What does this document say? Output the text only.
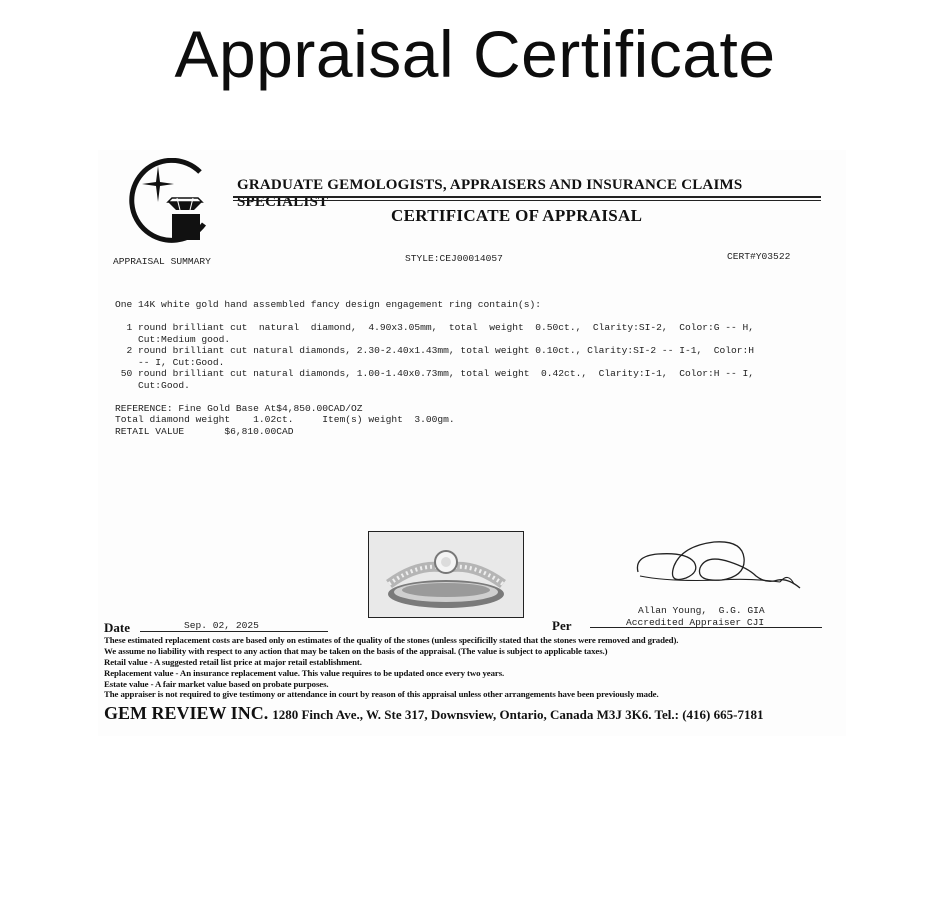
Appraisal Certificate
GRADUATE GEMOLOGISTS, APPRAISERS AND INSURANCE CLAIMS SPECIALIST
CERTIFICATE OF APPRAISAL
APPRAISAL SUMMARY	STYLE:CEJ00014057	CERT#Y03522
One 14K white gold hand assembled fancy design engagement ring contain(s):
1 round brilliant cut  natural  diamond,  4.90x3.05mm,  total  weight  0.50ct.,  Clarity:SI-2,  Color:G -- H,
Cut:Medium good.
2 round brilliant cut natural diamonds, 2.30-2.40x1.43mm, total weight 0.10ct., Clarity:SI-2 -- I-1,  Color:H
-- I, Cut:Good.
50 round brilliant cut natural diamonds, 1.00-1.40x0.73mm, total weight  0.42ct.,  Clarity:I-1,  Color:H -- I,
Cut:Good.
REFERENCE: Fine Gold Base At$4,850.00CAD/OZ
Total diamond weight    1.02ct.     Item(s) weight  3.00gm.
RETAIL VALUE       $6,810.00CAD
Date	Sep. 02, 2025	Per
Allan Young,  G.G. GIA
Accredited Appraiser CJI
These estimated replacement costs are based only on estimates of the quality of the stones (unless specificilly stated that the stones were removed and graded).
We assume no liability with respect to any action that may be taken on the basis of the appraisal. (The value is subject to applicable taxes.)
Retail value - A suggested retail list price at major retail establishment.
Replacement value - An insurance replacement value. This value requires to be updated once every two years.
Estate value - A fair market value based on probate purposes.
The appraiser is not required to give testimony or attendance in court by reason of this appraisal unless other arrangements have been previously made.
GEM REVIEW INC. 1280 Finch Ave., W. Ste 317, Downsview, Ontario, Canada M3J 3K6. Tel.: (416) 665-7181
